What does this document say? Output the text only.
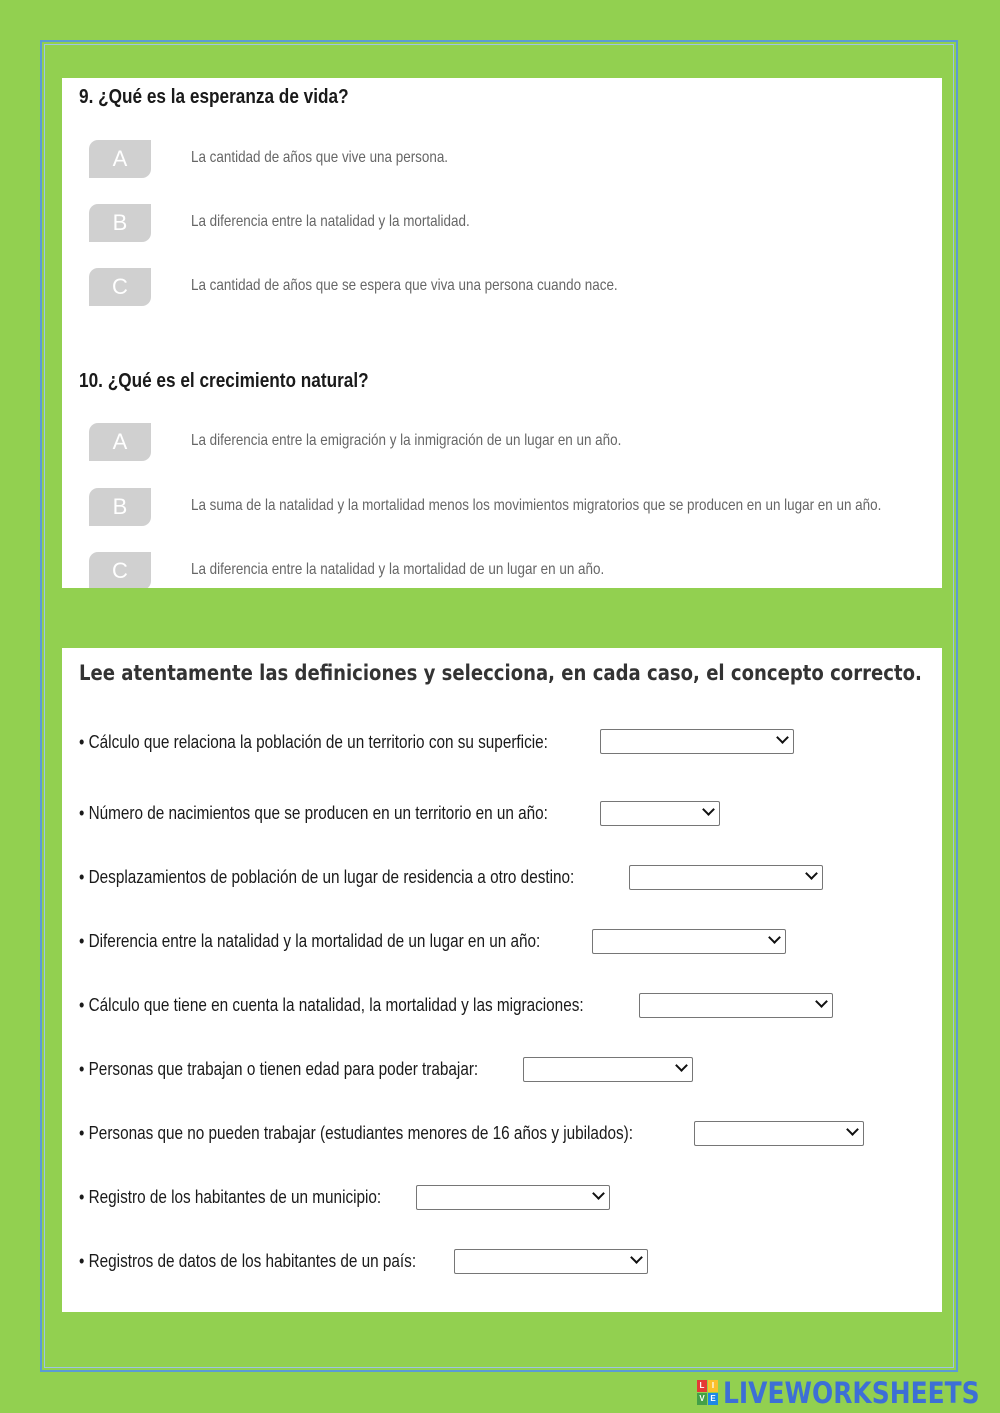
9. ¿Qué es la esperanza de vida?
A	La cantidad de años que vive una persona.
B	La diferencia entre la natalidad y la mortalidad.
C	La cantidad de años que se espera que viva una persona cuando nace.
10. ¿Qué es el crecimiento natural?
A	La diferencia entre la emigración y la inmigración de un lugar en un año.
B	La suma de la natalidad y la mortalidad menos los movimientos migratorios que se producen en un lugar en un año.
C	La diferencia entre la natalidad y la mortalidad de un lugar en un año.
Lee atentamente las definiciones y selecciona, en cada caso, el concepto correcto.
• Cálculo que relaciona la población de un territorio con su superficie:
• Número de nacimientos que se producen en un territorio en un año:
• Desplazamientos de población de un lugar de residencia a otro destino:
• Diferencia entre la natalidad y la mortalidad de un lugar en un año:
• Cálculo que tiene en cuenta la natalidad, la mortalidad y las migraciones:
• Personas que trabajan o tienen edad para poder trabajar:
• Personas que no pueden trabajar (estudiantes menores de 16 años y jubilados):
• Registro de los habitantes de un municipio:
• Registros de datos de los habitantes de un país:
L I
V E LIVEWORKSHEETS
